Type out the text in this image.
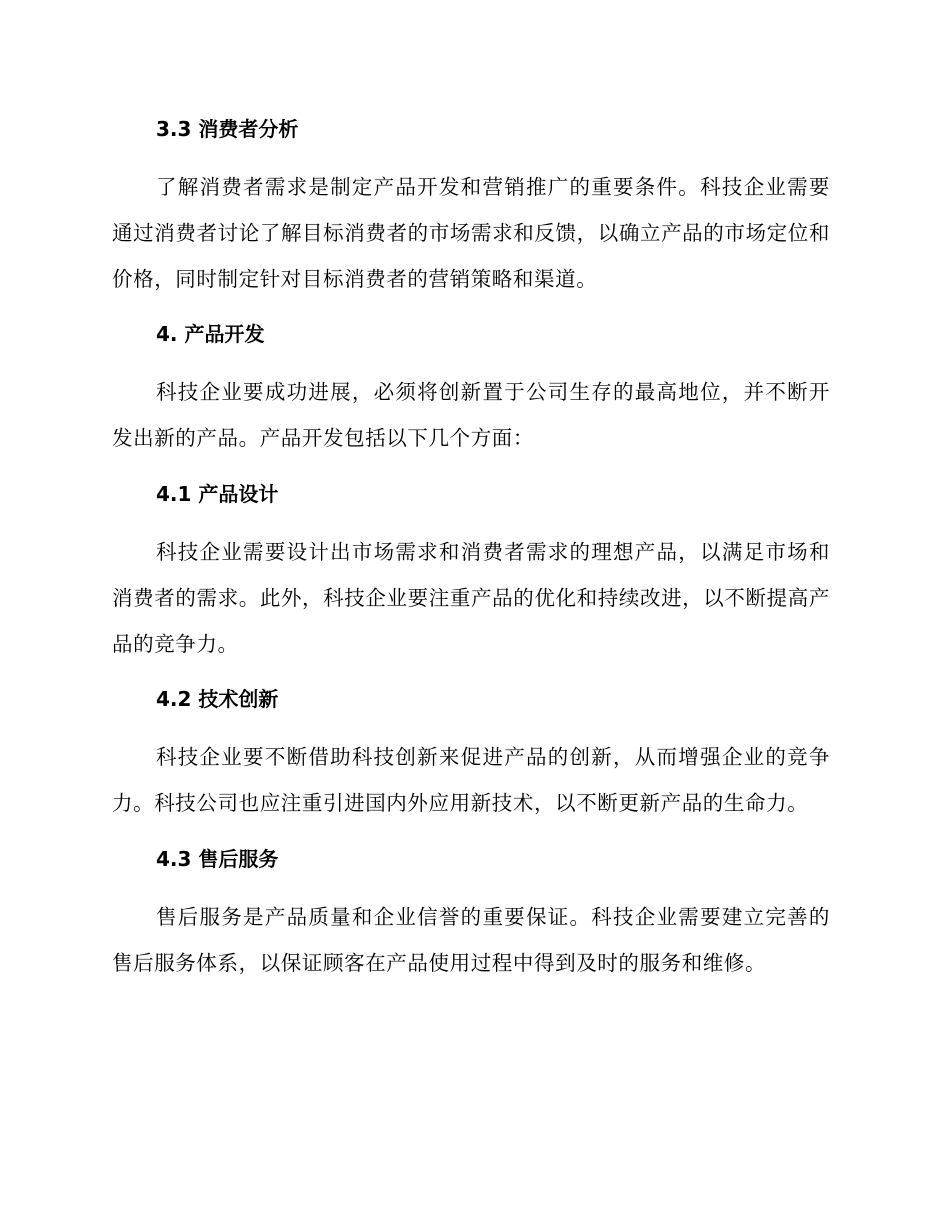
3.3 消费者分析
了解消费者需求是制定产品开发和营销推广的重要条件。科技企业需要通过消费者讨论了解目标消费者的市场需求和反馈，以确立产品的市场定位和价格，同时制定针对目标消费者的营销策略和渠道。
4. 产品开发
科技企业要成功进展，必须将创新置于公司生存的最高地位，并不断开发出新的产品。产品开发包括以下几个方面：
4.1 产品设计
科技企业需要设计出市场需求和消费者需求的理想产品，以满足市场和消费者的需求。此外，科技企业要注重产品的优化和持续改进，以不断提高产品的竞争力。
4.2 技术创新
科技企业要不断借助科技创新来促进产品的创新，从而增强企业的竞争力。科技公司也应注重引进国内外应用新技术，以不断更新产品的生命力。
4.3 售后服务
售后服务是产品质量和企业信誉的重要保证。科技企业需要建立完善的售后服务体系，以保证顾客在产品使用过程中得到及时的服务和维修。
